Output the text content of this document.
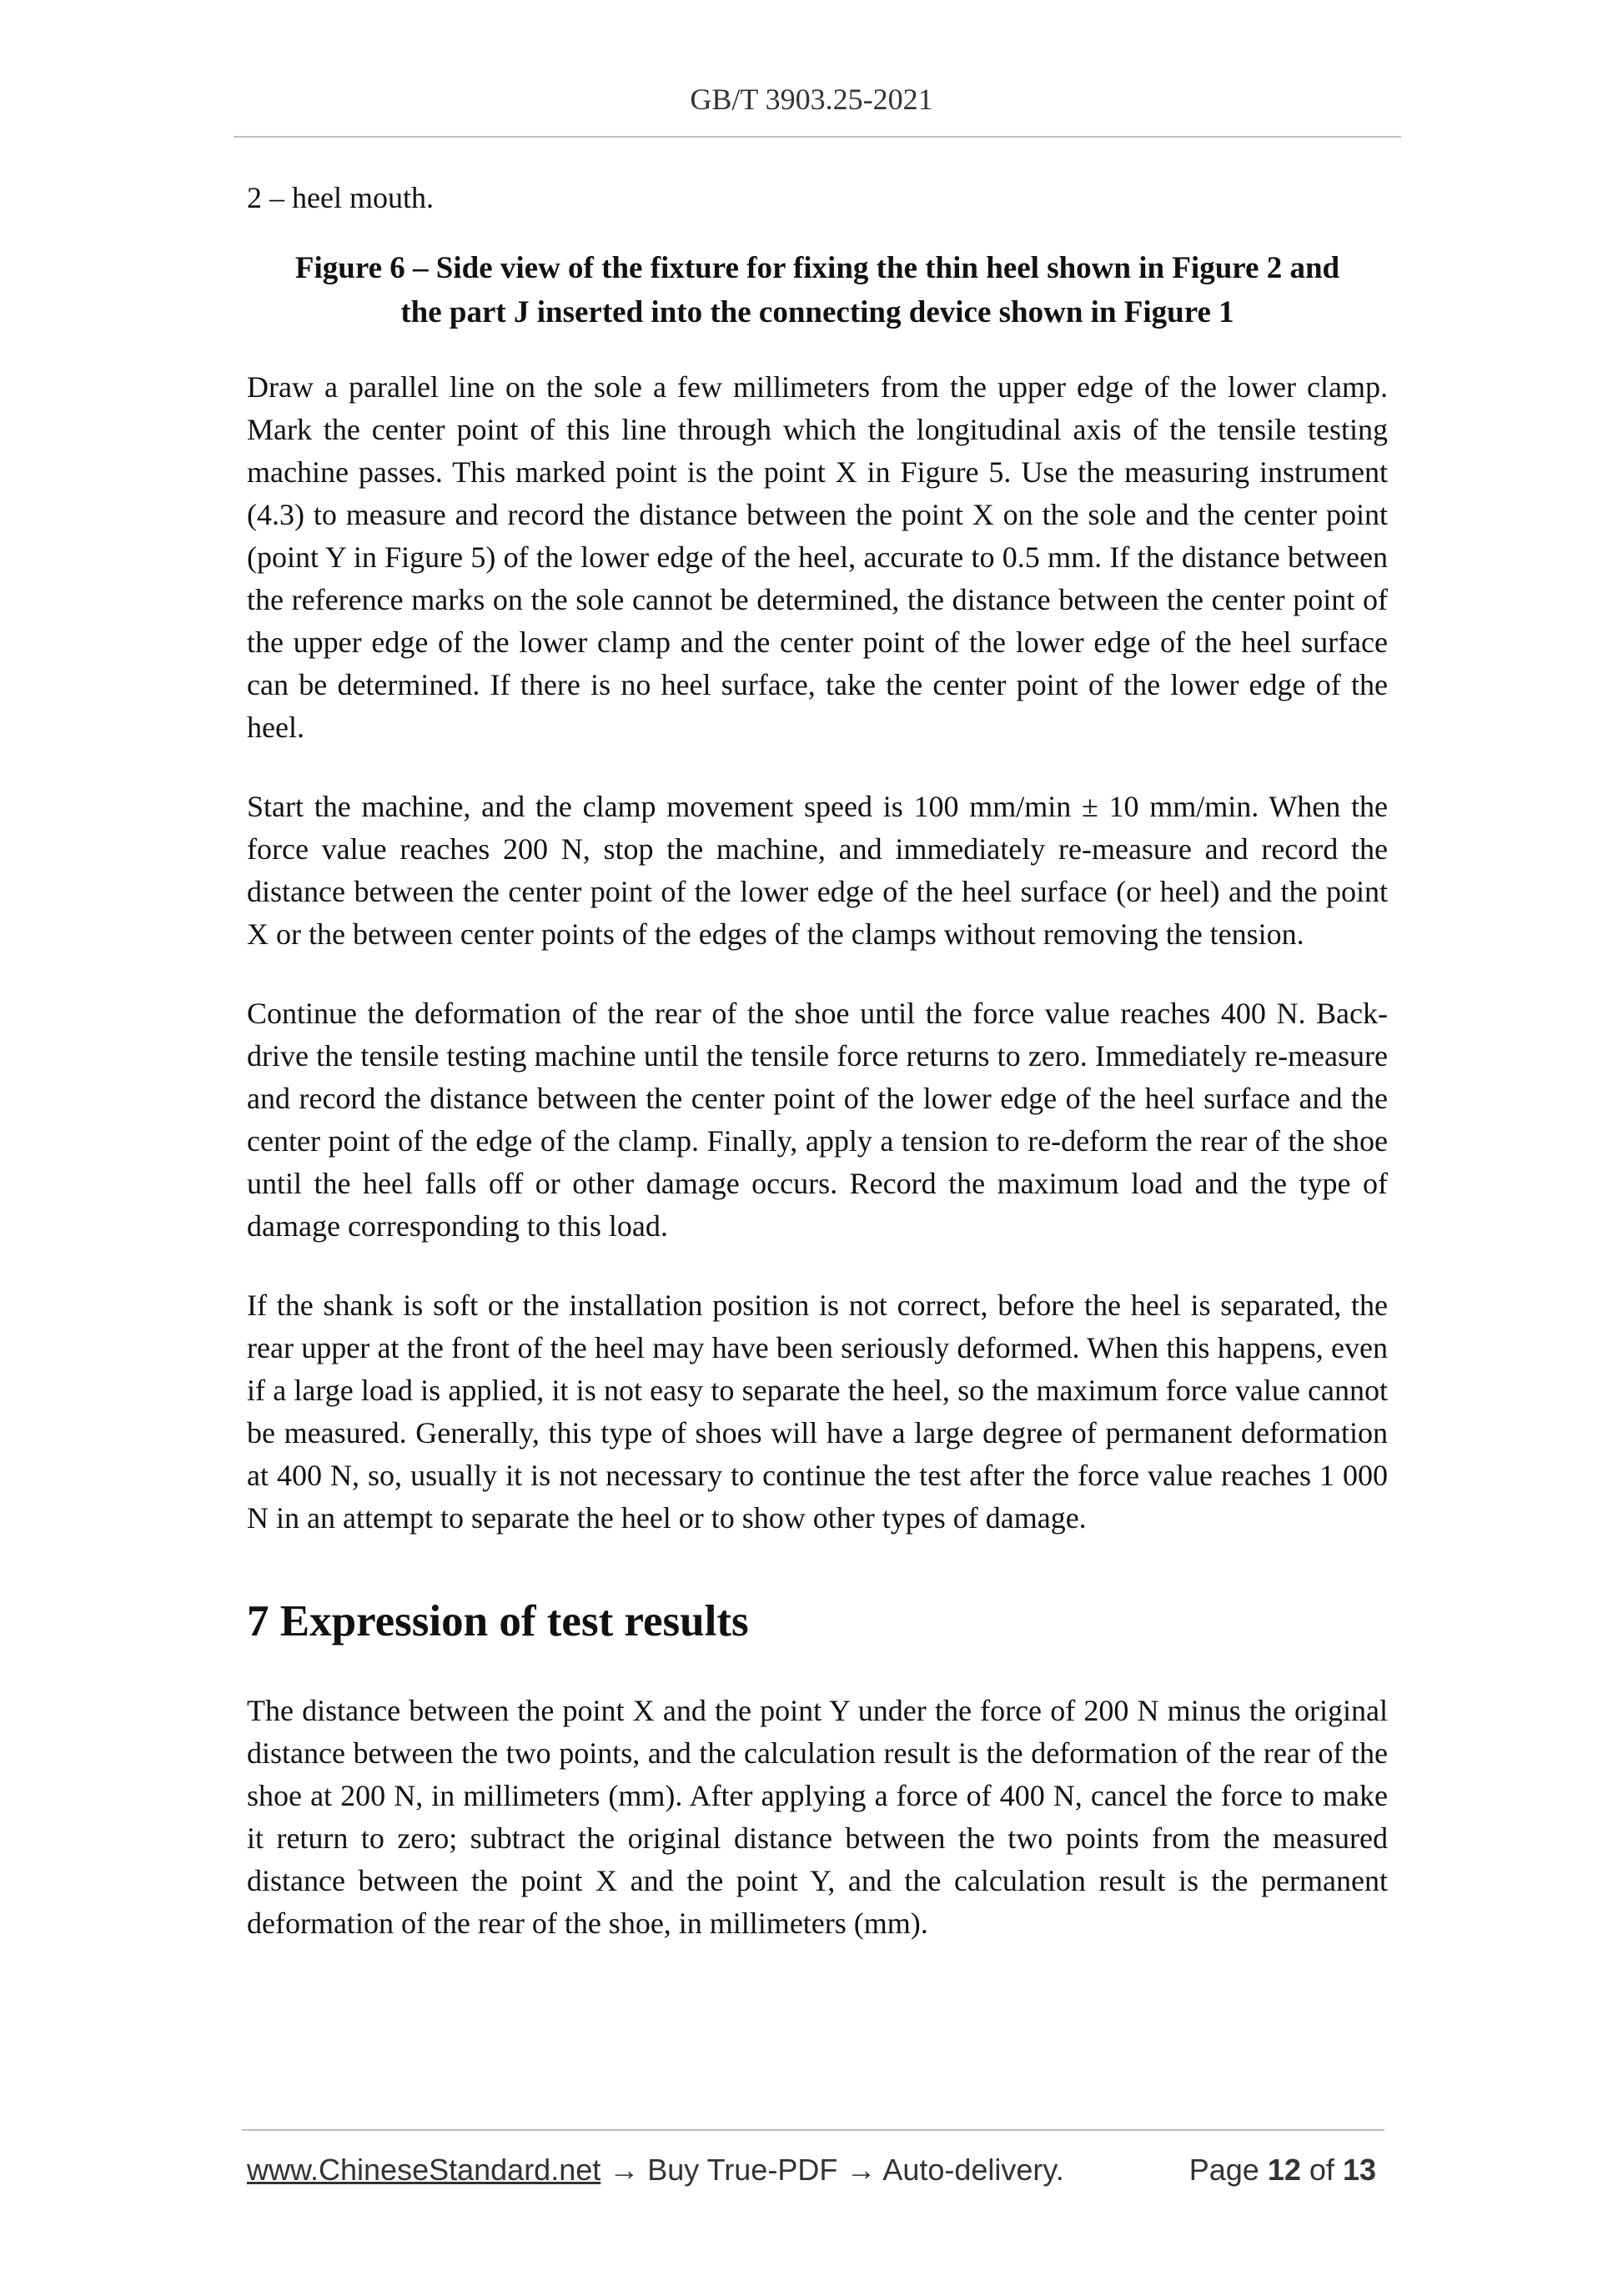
GB/T 3903.25-2021

2 – heel mouth.

Figure 6 – Side view of the fixture for fixing the thin heel shown in Figure 2 and
the part J inserted into the connecting device shown in Figure 1

Draw a parallel line on the sole a few millimeters from the upper edge of the lower clamp. Mark the center point of this line through which the longitudinal axis of the tensile testing machine passes. This marked point is the point X in Figure 5. Use the measuring instrument (4.3) to measure and record the distance between the point X on the sole and the center point (point Y in Figure 5) of the lower edge of the heel, accurate to 0.5 mm. If the distance between the reference marks on the sole cannot be determined, the distance between the center point of the upper edge of the lower clamp and the center point of the lower edge of the heel surface can be determined. If there is no heel surface, take the center point of the lower edge of the heel.

Start the machine, and the clamp movement speed is 100 mm/min ± 10 mm/min. When the force value reaches 200 N, stop the machine, and immediately re-measure and record the distance between the center point of the lower edge of the heel surface (or heel) and the point X or the between center points of the edges of the clamps without removing the tension.

Continue the deformation of the rear of the shoe until the force value reaches 400 N. Back-drive the tensile testing machine until the tensile force returns to zero. Immediately re-measure and record the distance between the center point of the lower edge of the heel surface and the center point of the edge of the clamp. Finally, apply a tension to re-deform the rear of the shoe until the heel falls off or other damage occurs. Record the maximum load and the type of damage corresponding to this load.

If the shank is soft or the installation position is not correct, before the heel is separated, the rear upper at the front of the heel may have been seriously deformed. When this happens, even if a large load is applied, it is not easy to separate the heel, so the maximum force value cannot be measured. Generally, this type of shoes will have a large degree of permanent deformation at 400 N, so, usually it is not necessary to continue the test after the force value reaches 1 000 N in an attempt to separate the heel or to show other types of damage.

7 Expression of test results

The distance between the point X and the point Y under the force of 200 N minus the original distance between the two points, and the calculation result is the deformation of the rear of the shoe at 200 N, in millimeters (mm). After applying a force of 400 N, cancel the force to make it return to zero; subtract the original distance between the two points from the measured distance between the point X and the point Y, and the calculation result is the permanent deformation of the rear of the shoe, in millimeters (mm).

www.ChineseStandard.net → Buy True-PDF → Auto-delivery.	Page 12 of 13
